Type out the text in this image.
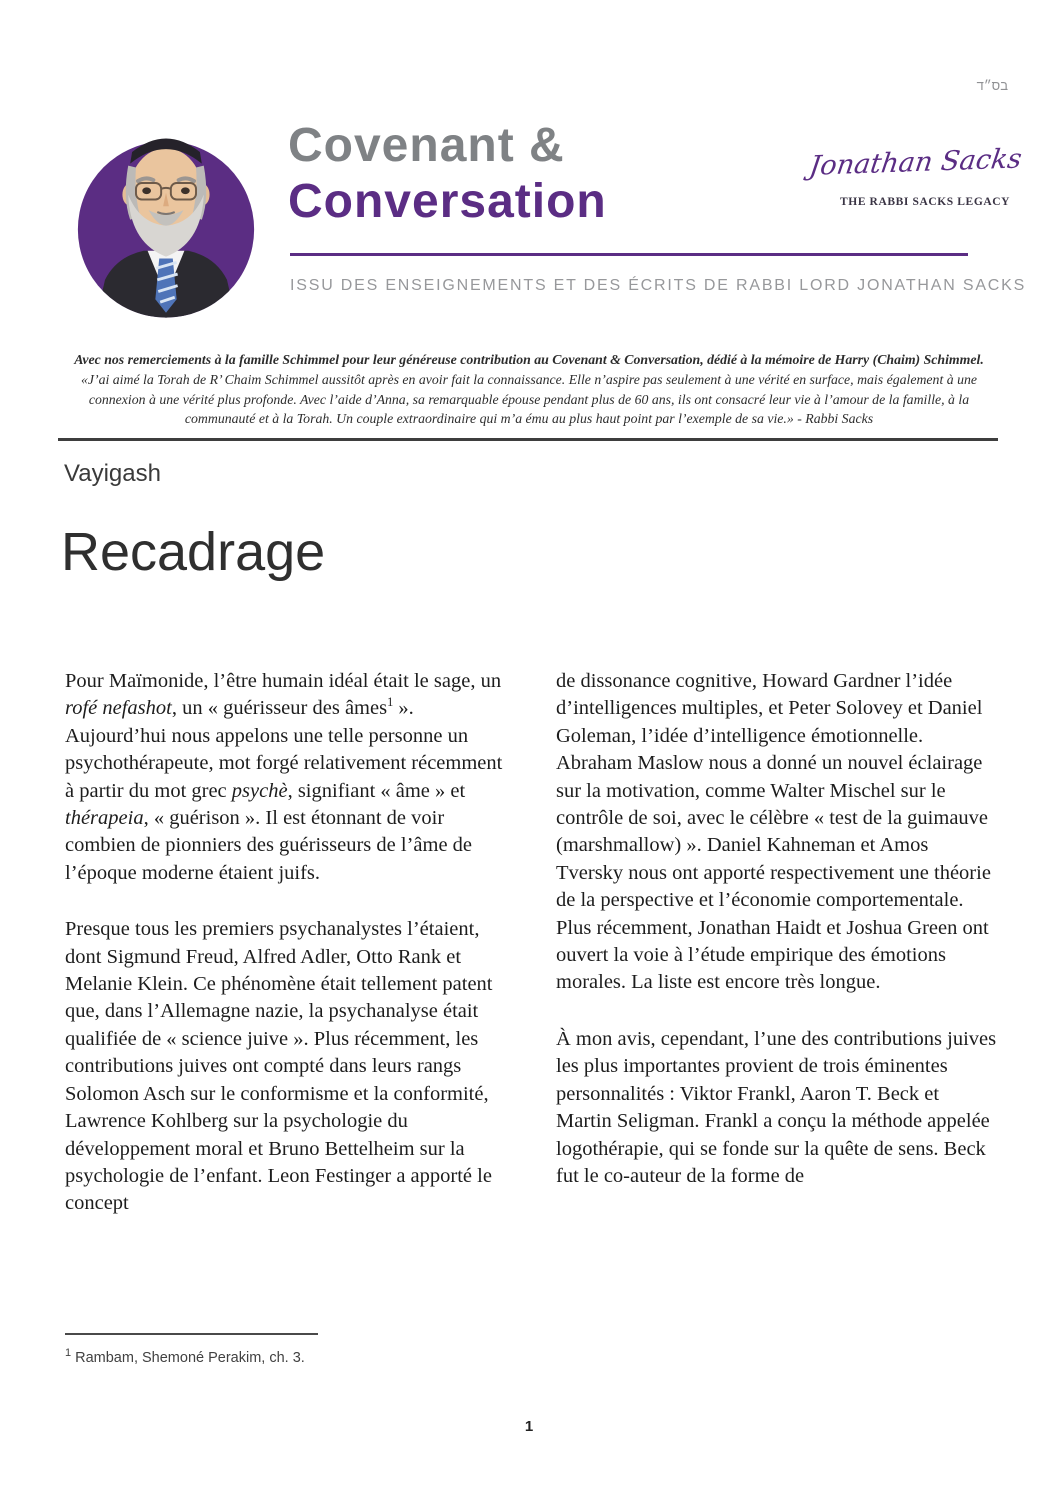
בס״ד
Covenant &
Conversation
ISSU DES ENSEIGNEMENTS ET DES ÉCRITS DE RABBI LORD JONATHAN SACKS
Jonathan Sacks
THE RABBI SACKS LEGACY
Avec nos remerciements à la famille Schimmel pour leur généreuse contribution au Covenant & Conversation, dédié à la mémoire de Harry (Chaim) Schimmel. «J’ai aimé la Torah de R’ Chaim Schimmel aussitôt après en avoir fait la connaissance. Elle n’aspire pas seulement à une vérité en surface, mais également à une connexion à une vérité plus profonde. Avec l’aide d’Anna, sa remarquable épouse pendant plus de 60 ans, ils ont consacré leur vie à l’amour de la famille, à la communauté et à la Torah. Un couple extraordinaire qui m’a ému au plus haut point par l’exemple de sa vie.» - Rabbi Sacks
Vayigash
Recadrage

Pour Maïmonide, l’être humain idéal était le sage, un rofé nefashot, un « guérisseur des âmes$^1$ ». Aujourd’hui nous appelons une telle personne un psychothérapeute, mot forgé relativement récemment à partir du mot grec psychè, signifiant « âme » et thérapeia, « guérison ». Il est étonnant de voir combien de pionniers des guérisseurs de l’âme de l’époque moderne étaient juifs.

Presque tous les premiers psychanalystes l’étaient, dont Sigmund Freud, Alfred Adler, Otto Rank et Melanie Klein. Ce phénomène était tellement patent que, dans l’Allemagne nazie, la psychanalyse était qualifiée de « science juive ». Plus récemment, les contributions juives ont compté dans leurs rangs Solomon Asch sur le conformisme et la conformité, Lawrence Kohlberg sur la psychologie du développement moral et Bruno Bettelheim sur la psychologie de l’enfant. Leon Festinger a apporté le concept

de dissonance cognitive, Howard Gardner l’idée d’intelligences multiples, et Peter Solovey et Daniel Goleman, l’idée d’intelligence émotionnelle. Abraham Maslow nous a donné un nouvel éclairage sur la motivation, comme Walter Mischel sur le contrôle de soi, avec le célèbre « test de la guimauve (marshmallow) ». Daniel Kahneman et Amos Tversky nous ont apporté respectivement une théorie de la perspective et l’économie comportementale. Plus récemment, Jonathan Haidt et Joshua Green ont ouvert la voie à l’étude empirique des émotions morales. La liste est encore très longue.

À mon avis, cependant, l’une des contributions juives les plus importantes provient de trois éminentes personnalités : Viktor Frankl, Aaron T. Beck et Martin Seligman. Frankl a conçu la méthode appelée logothérapie, qui se fonde sur la quête de sens. Beck fut le co-auteur de la forme de

$^1$ Rambam, Shemoné Perakim, ch. 3.
1
